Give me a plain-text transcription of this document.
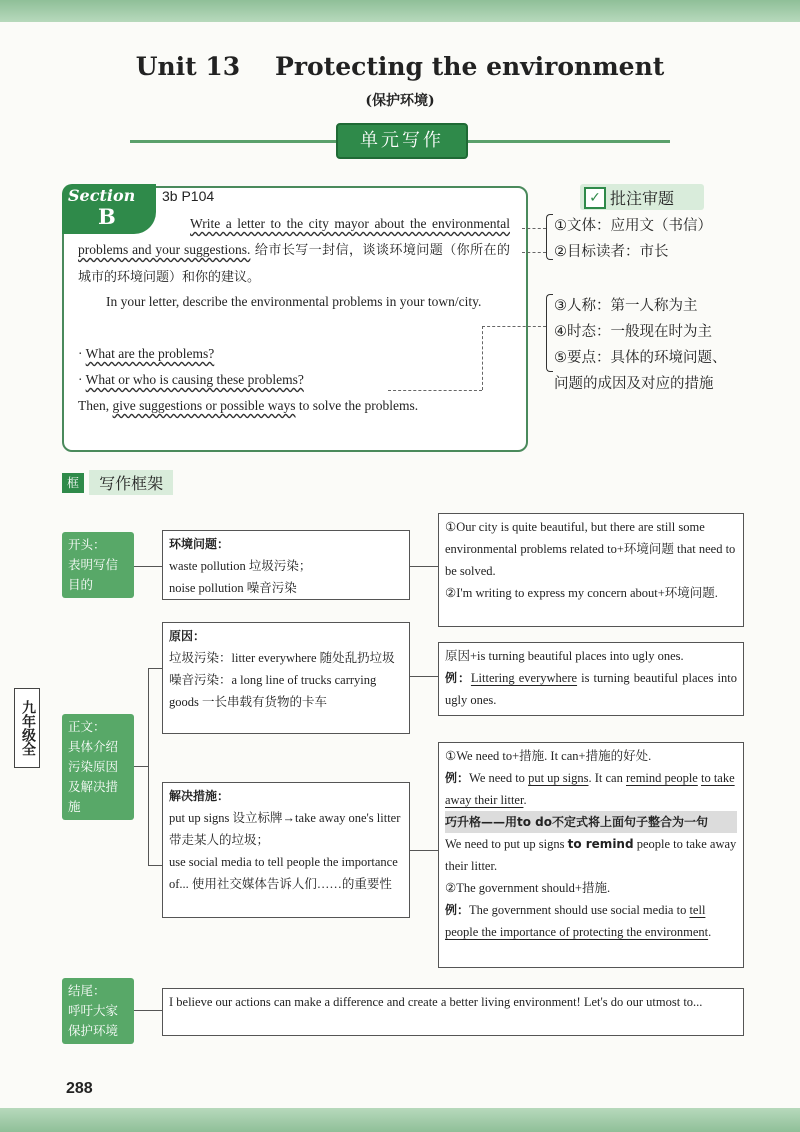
Unit 13    Protecting the environment
(保护环境)
单元写作
Section
B
3b P104
Write a letter to the city mayor about the environmental problems and your suggestions. 给市长写一封信，谈谈环境问题（你所在的城市的环境问题）和你的建议。
In your letter, describe the environmental problems in your town/city.
· What are the problems?
· What or who is causing these problems?
Then, give suggestions or possible ways to solve the problems.
✓ 批注审题
①文体：应用文（书信）
②目标读者：市长
③人称：第一人称为主
④时态：一般现在时为主
⑤要点：具体的环境问题、
问题的成因及对应的措施
框 写作框架
九年级全
开头：
表明写信
目的
正文：
具体介绍
污染原因
及解决措
施
结尾：
呼吁大家
保护环境
环境问题：
waste pollution 垃圾污染；
noise pollution 噪音污染
①Our city is quite beautiful, but there are still some environmental problems related to+环境问题 that need to be solved.
②I'm writing to express my concern about+环境问题.
原因：
垃圾污染：litter everywhere 随处乱扔垃圾
噪音污染：a long line of trucks carrying goods 一长串载有货物的卡车
原因+is turning beautiful places into ugly ones.
例：Littering everywhere is turning beautiful places into ugly ones.
解决措施：
put up signs 设立标牌→take away one's litter 带走某人的垃圾；
use social media to tell people the importance of... 使用社交媒体告诉人们……的重要性
①We need to+措施. It can+措施的好处.
例：We need to put up signs. It can remind people to take away their litter.
巧升格——用to do不定式将上面句子整合为一句
We need to put up signs to remind people to take away their litter.
②The government should+措施.
例：The government should use social media to tell people the importance of protecting the environment.
I believe our actions can make a difference and create a better living environment! Let's do our utmost to...
288
